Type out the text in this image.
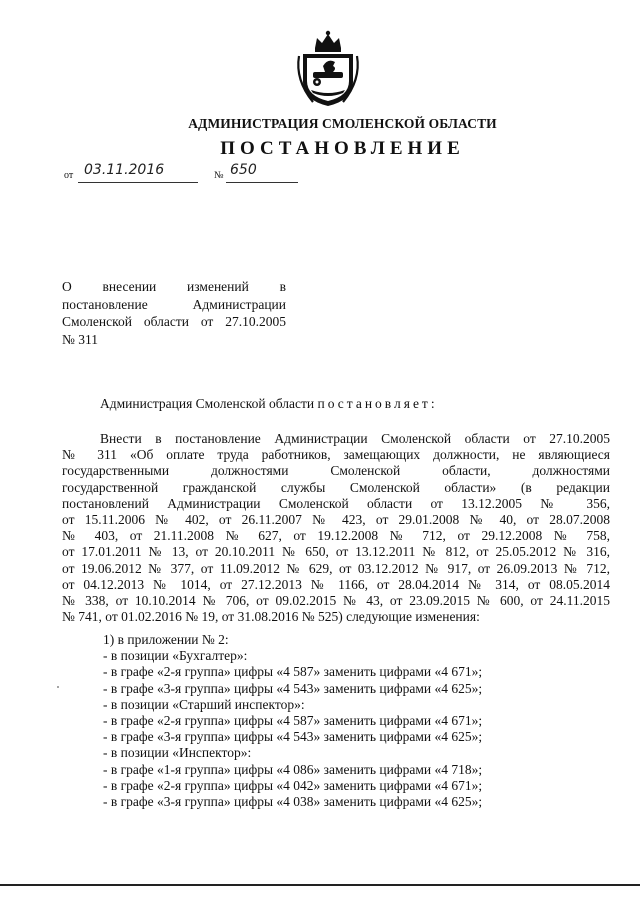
АДМИНИСТРАЦИЯ СМОЛЕНСКОЙ ОБЛАСТИ
ПОСТАНОВЛЕНИЕ
от 03.11.2016	№ 650
О внесении изменений в
постановление Администрации
Смоленской области от 27.10.2005
№ 311
Администрация Смоленской области постановляет:
Внести в постановление Администрации Смоленской области от 27.10.2005
№ 311 «Об оплате труда работников, замещающих должности, не являющиеся
государственными должностями Смоленской области, должностями
государственной гражданской службы Смоленской области» (в редакции
постановлений Администрации Смоленской области от 13.12.2005 № 356,
от 15.11.2006 № 402, от 26.11.2007 № 423, от 29.01.2008 № 40, от 28.07.2008
№ 403, от 21.11.2008 № 627, от 19.12.2008 № 712, от 29.12.2008 № 758,
от 17.01.2011 № 13, от 20.10.2011 № 650, от 13.12.2011 № 812, от 25.05.2012 № 316,
от 19.06.2012 № 377, от 11.09.2012 № 629, от 03.12.2012 № 917, от 26.09.2013 № 712,
от 04.12.2013 № 1014, от 27.12.2013 № 1166, от 28.04.2014 № 314, от 08.05.2014
№ 338, от 10.10.2014 № 706, от 09.02.2015 № 43, от 23.09.2015 № 600, от 24.11.2015
№ 741, от 01.02.2016 № 19, от 31.08.2016 № 525) следующие изменения:
1) в приложении № 2:
- в позиции «Бухгалтер»:
- в графе «2-я группа» цифры «4 587» заменить цифрами «4 671»;
- в графе «3-я группа» цифры «4 543» заменить цифрами «4 625»;
- в позиции «Старший инспектор»:
- в графе «2-я группа» цифры «4 587» заменить цифрами «4 671»;
- в графе «3-я группа» цифры «4 543» заменить цифрами «4 625»;
- в позиции «Инспектор»:
- в графе «1-я группа» цифры «4 086» заменить цифрами «4 718»;
- в графе «2-я группа» цифры «4 042» заменить цифрами «4 671»;
- в графе «3-я группа» цифры «4 038» заменить цифрами «4 625»;
